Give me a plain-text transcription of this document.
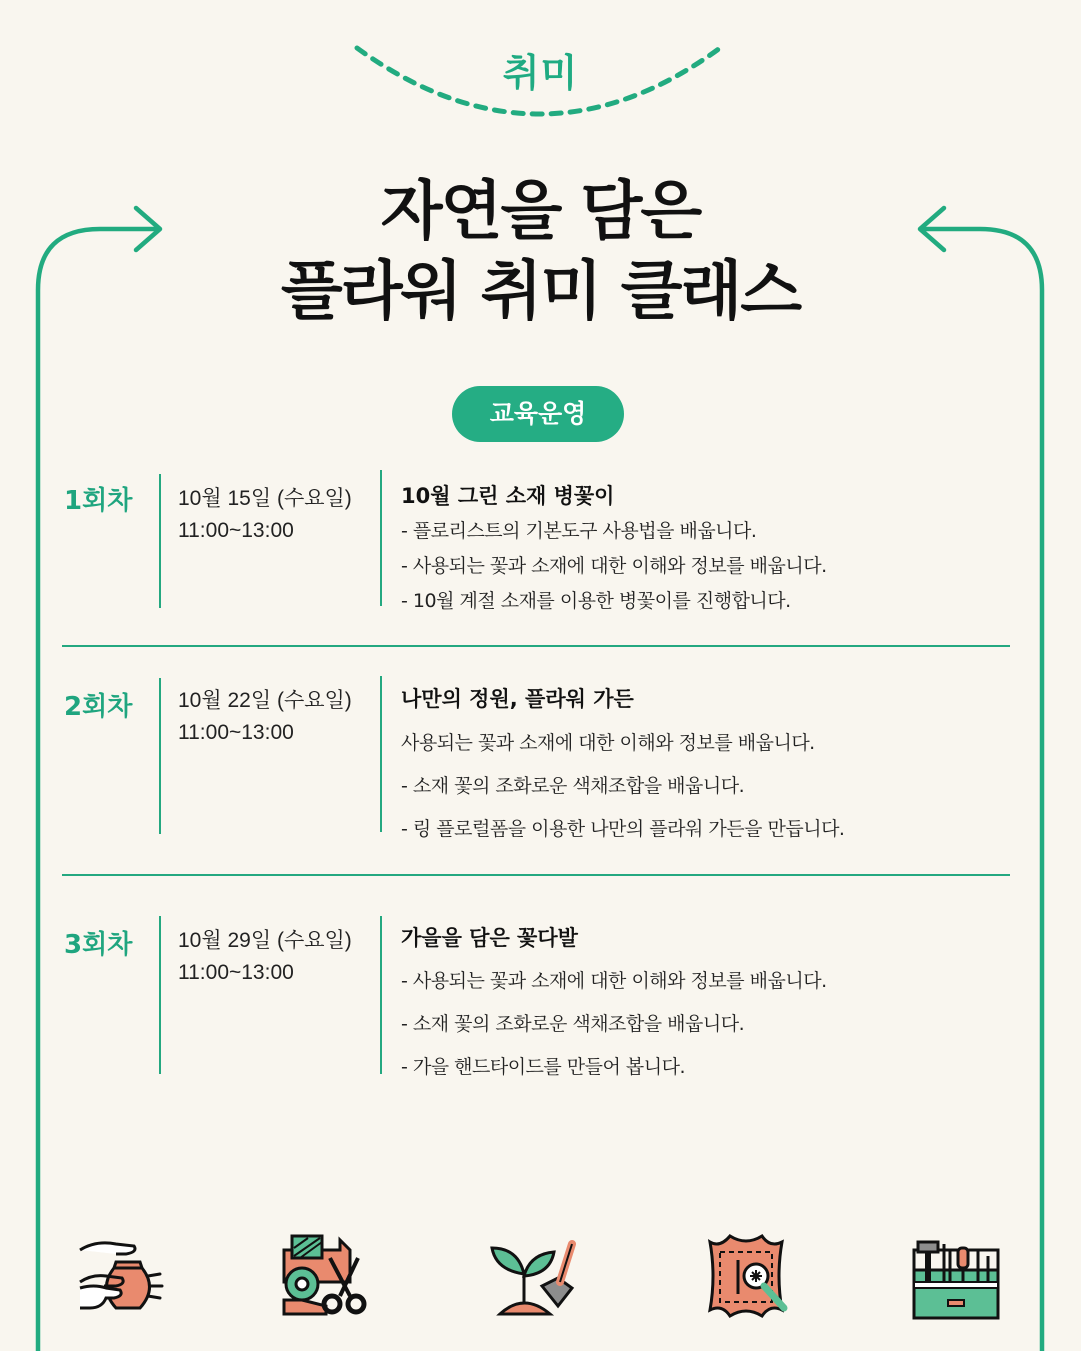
취미
자연을 담은
플라워 취미 클래스
교육운영
1회차 10월 15일 (수요일)
11:00~13:00
10월 그린 소재 병꽃이
- 플로리스트의 기본도구 사용법을 배웁니다.
- 사용되는 꽃과 소재에 대한 이해와 정보를 배웁니다.
- 10월 계절 소재를 이용한 병꽃이를 진행합니다.
2회차 10월 22일 (수요일)
11:00~13:00
나만의 정원, 플라워 가든
사용되는 꽃과 소재에 대한 이해와 정보를 배웁니다.
- 소재 꽃의 조화로운 색채조합을 배웁니다.
- 링 플로럴폼을 이용한 나만의 플라워 가든을 만듭니다.
3회차 10월 29일 (수요일)
11:00~13:00
가을을 담은 꽃다발
- 사용되는 꽃과 소재에 대한 이해와 정보를 배웁니다.
- 소재 꽃의 조화로운 색채조합을 배웁니다.
- 가을 핸드타이드를 만들어 봅니다.
